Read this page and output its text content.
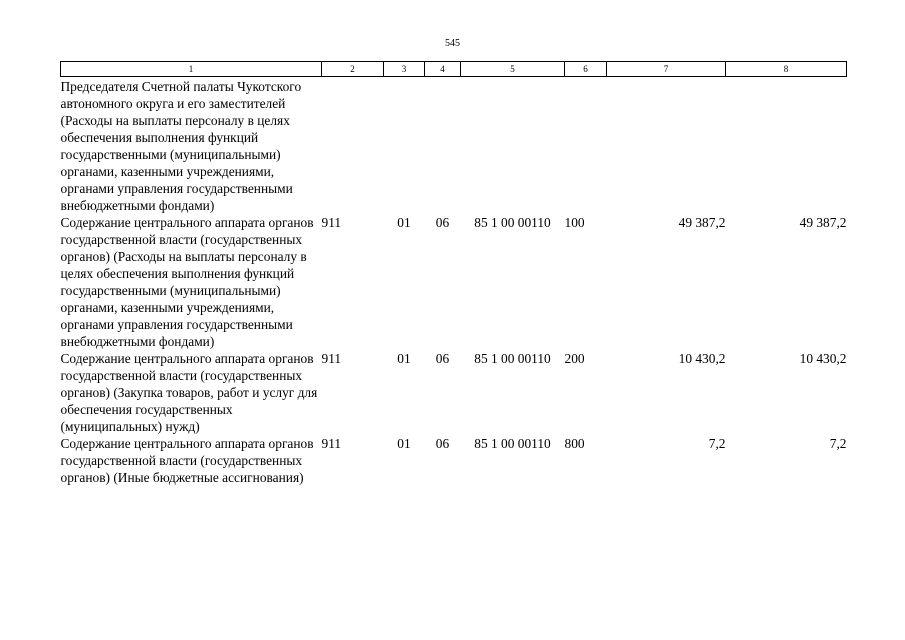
545
1	2	3	4	5	6	7	8
Председателя Счетной палаты Чукотского автономного округа и его заместителей (Расходы на выплаты персоналу в целях обеспечения выполнения функций государственными (муниципальными) органами, казенными учреждениями, органами управления государственными внебюджетными фондами)							
Содержание центрального аппарата органов государственной власти (государственных органов) (Расходы на выплаты персоналу в целях обеспечения выполнения функций государственными (муниципальными) органами, казенными учреждениями, органами управления государственными внебюджетными фондами)	911	01	06	85 1 00 00110	100	49 387,2	49 387,2
Содержание центрального аппарата органов государственной власти (государственных органов) (Закупка товаров, работ и услуг для обеспечения государственных (муниципальных) нужд)	911	01	06	85 1 00 00110	200	10 430,2	10 430,2
Содержание центрального аппарата органов государственной власти (государственных органов) (Иные бюджетные ассигнования)	911	01	06	85 1 00 00110	800	7,2	7,2
